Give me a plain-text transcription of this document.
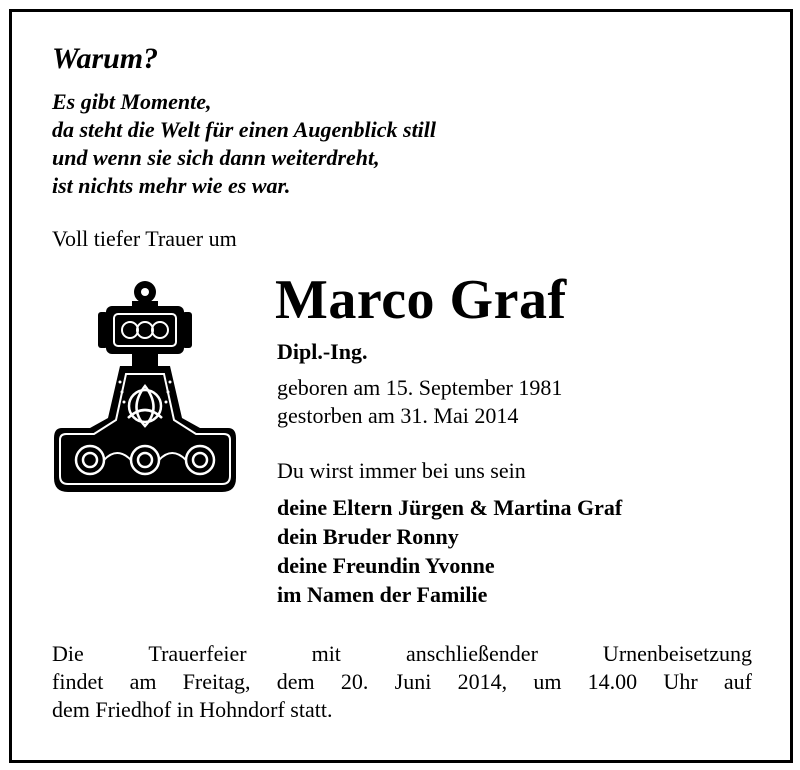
Warum?
Es gibt Momente,
da steht die Welt für einen Augenblick still
und wenn sie sich dann weiterdreht,
ist nichts mehr wie es war.
Voll tiefer Trauer um
Marco Graf
Dipl.-Ing.
geboren am 15. September 1981
gestorben am 31. Mai 2014
Du wirst immer bei uns sein
deine Eltern Jürgen & Martina Graf
dein Bruder Ronny
deine Freundin Yvonne
im Namen der Familie
Die Trauerfeier mit anschließender Urnenbeisetzung
findet am Freitag, dem 20. Juni 2014, um 14.00 Uhr auf
dem Friedhof in Hohndorf statt.
